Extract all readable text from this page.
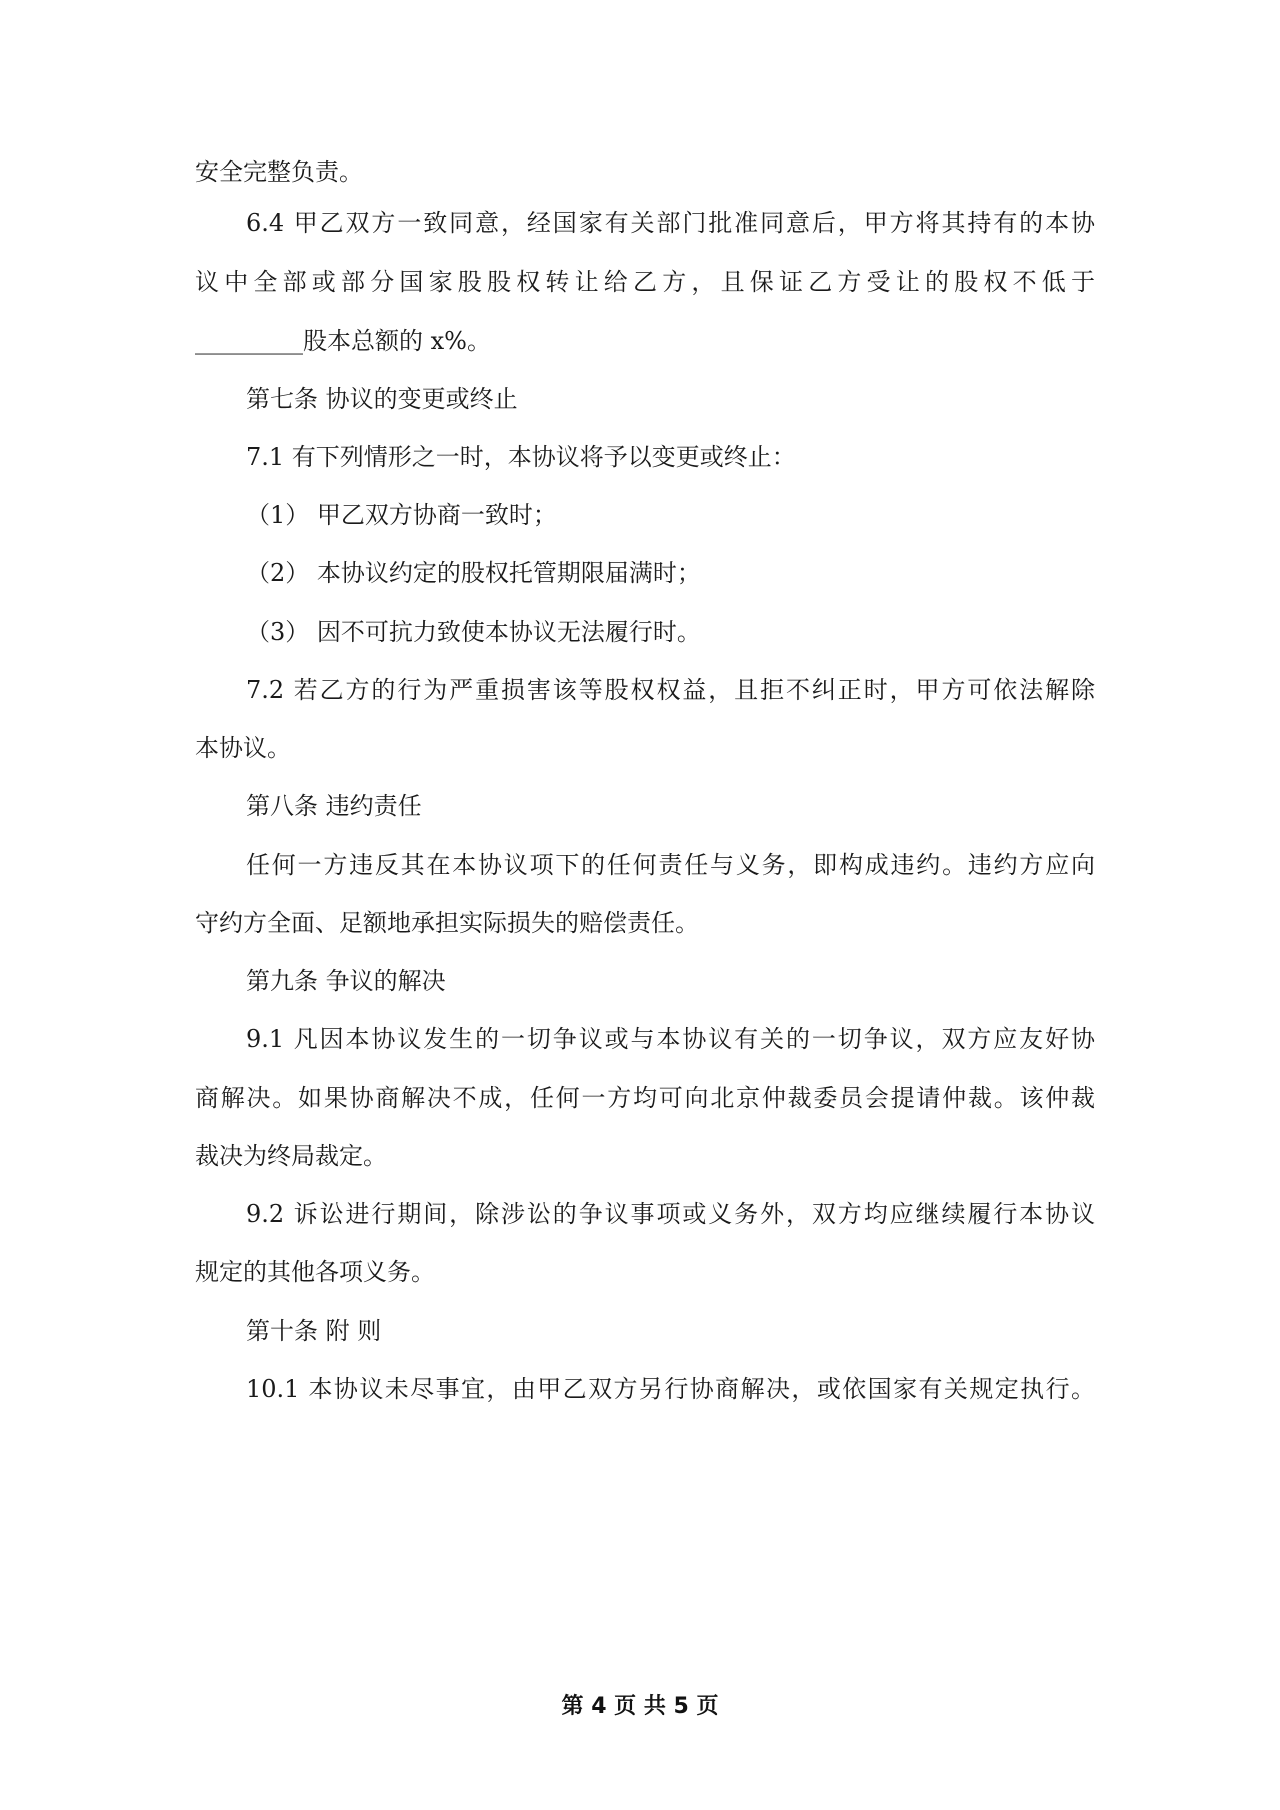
安全完整负责。
6.4 甲乙双方一致同意，经国家有关部门批准同意后，甲方将其持有的本协
议中全部或部分国家股股权转让给乙方，且保证乙方受让的股权不低于
_________股本总额的 x%。
第七条 协议的变更或终止
7.1 有下列情形之一时，本协议将予以变更或终止：
（1） 甲乙双方协商一致时；
（2） 本协议约定的股权托管期限届满时；
（3） 因不可抗力致使本协议无法履行时。
7.2 若乙方的行为严重损害该等股权权益，且拒不纠正时，甲方可依法解除
本协议。
第八条 违约责任
任何一方违反其在本协议项下的任何责任与义务，即构成违约。违约方应向
守约方全面、足额地承担实际损失的赔偿责任。
第九条 争议的解决
9.1 凡因本协议发生的一切争议或与本协议有关的一切争议，双方应友好协
商解决。如果协商解决不成，任何一方均可向北京仲裁委员会提请仲裁。该仲裁
裁决为终局裁定。
9.2 诉讼进行期间，除涉讼的争议事项或义务外，双方均应继续履行本协议
规定的其他各项义务。
第十条 附 则
10.1 本协议未尽事宜，由甲乙双方另行协商解决，或依国家有关规定执行。
第 4 页 共 5 页
